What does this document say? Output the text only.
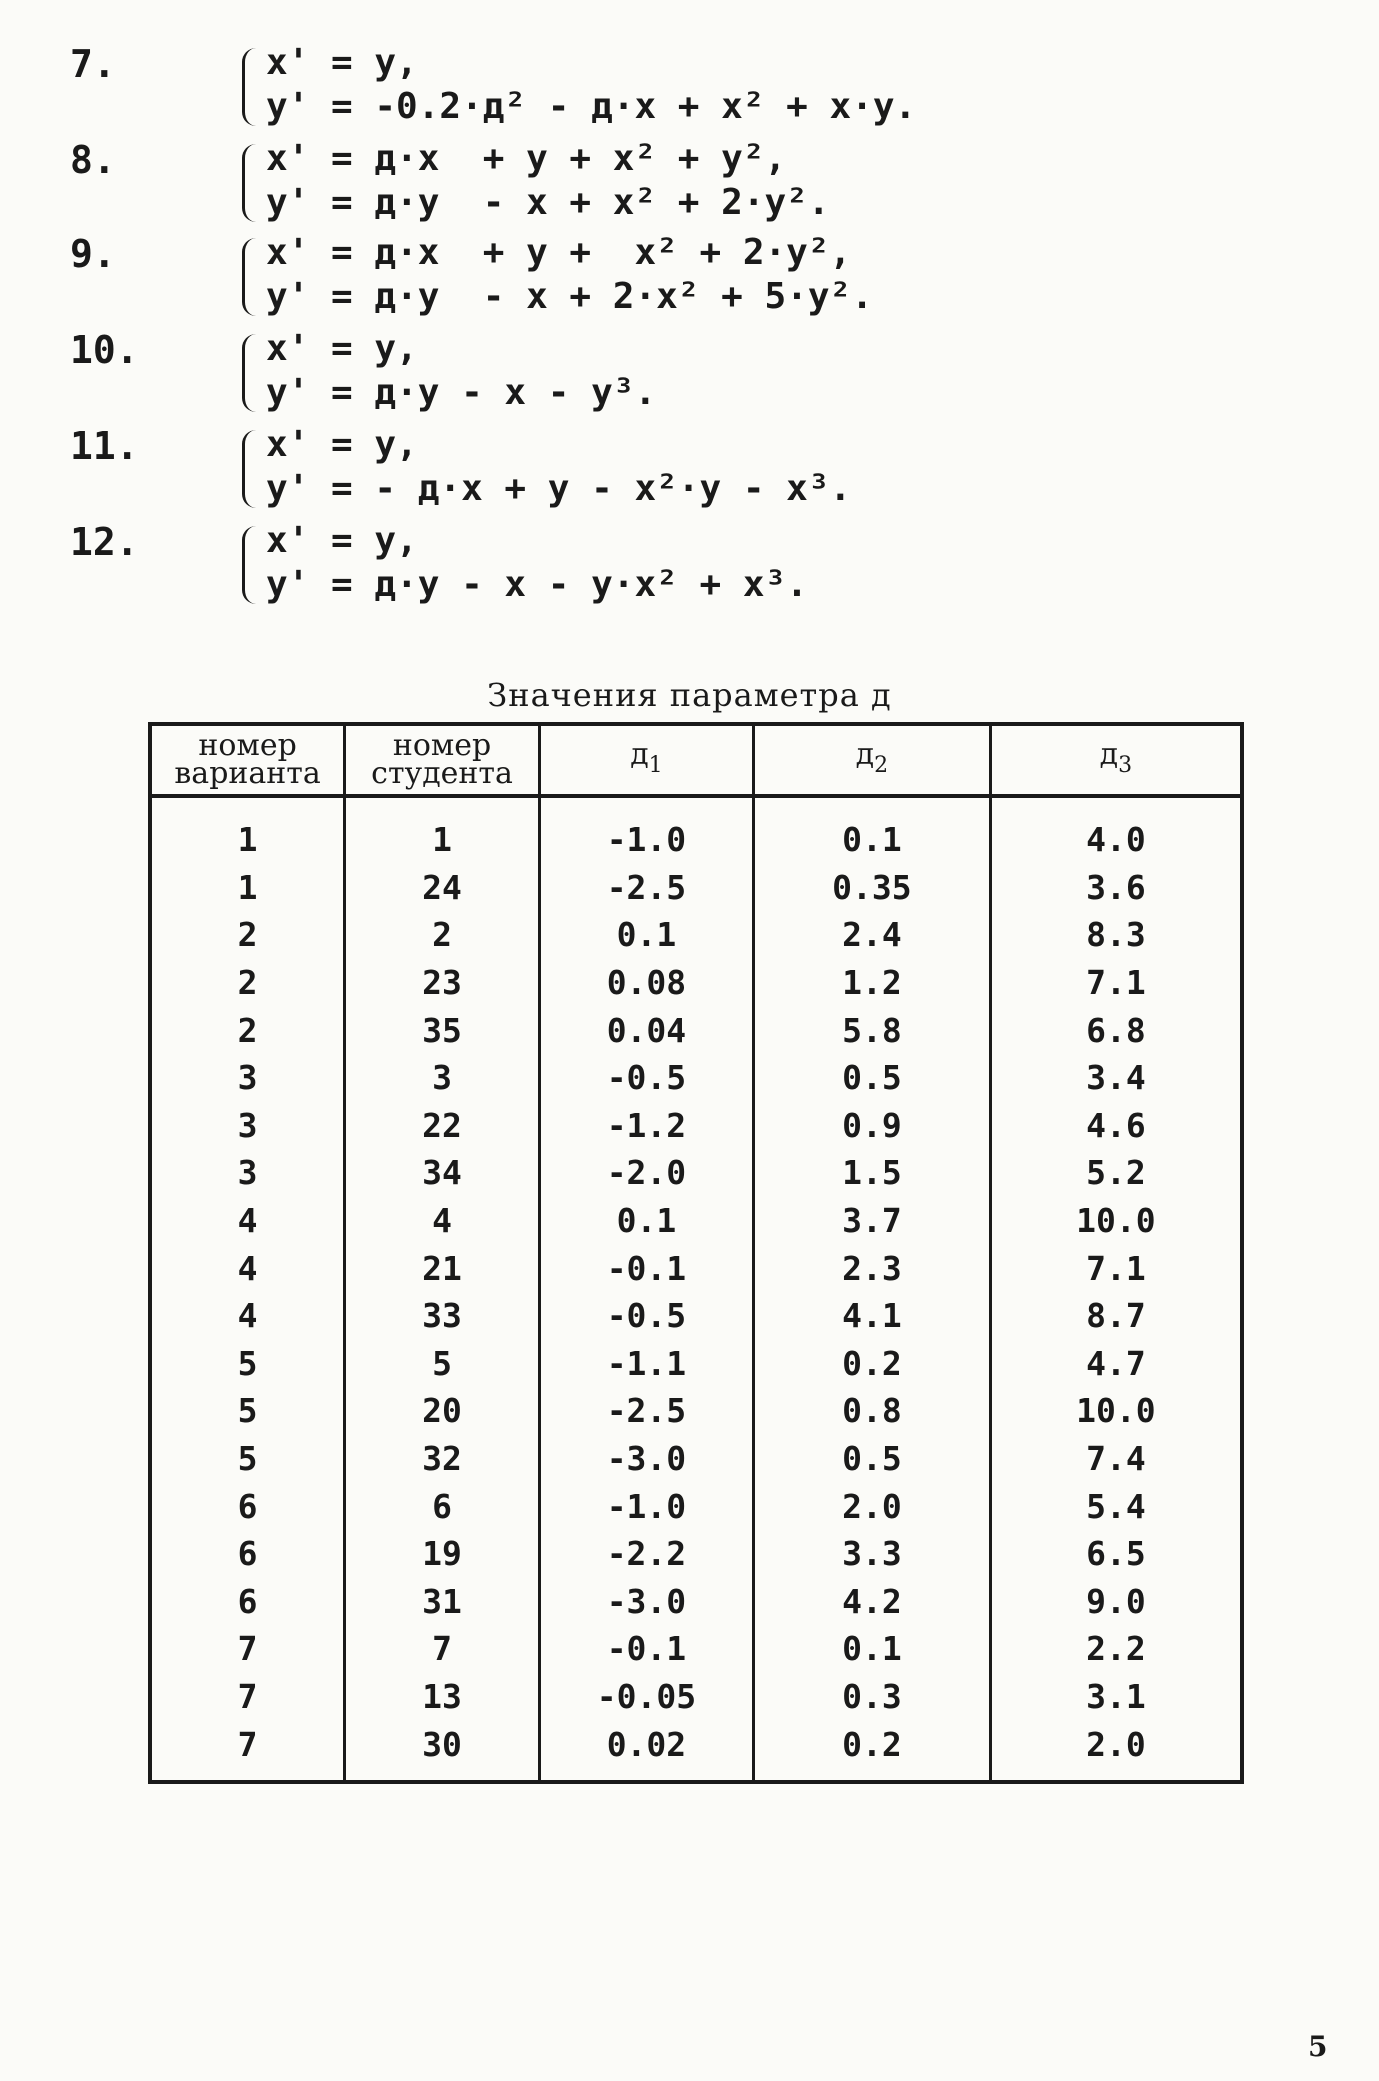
7.	x' = y,
y' = -0.2·д² - д·x + x² + x·y.
8.	x' = д·x  + y + x² + y²,
y' = д·y  - x + x² + 2·y².
9.	x' = д·x  + y +  x² + 2·y²,
y' = д·y  - x + 2·x² + 5·y².
10.	x' = y,
y' = д·y - x - y³.
11.	x' = y,
y' = - д·x + y - x²·y - x³.
12.	x' = y,
y' = д·y - x - y·x² + x³.
Значения параметра д
номер варианта	номер студента	$д_1$	$д_2$	$д_3$
1	1	-1.0	0.1	4.0
1	24	-2.5	0.35	3.6
2	2	0.1	2.4	8.3
2	23	0.08	1.2	7.1
2	35	0.04	5.8	6.8
3	3	-0.5	0.5	3.4
3	22	-1.2	0.9	4.6
3	34	-2.0	1.5	5.2
4	4	0.1	3.7	10.0
4	21	-0.1	2.3	7.1
4	33	-0.5	4.1	8.7
5	5	-1.1	0.2	4.7
5	20	-2.5	0.8	10.0
5	32	-3.0	0.5	7.4
6	6	-1.0	2.0	5.4
6	19	-2.2	3.3	6.5
6	31	-3.0	4.2	9.0
7	7	-0.1	0.1	2.2
7	13	-0.05	0.3	3.1
7	30	0.02	0.2	2.0
5
